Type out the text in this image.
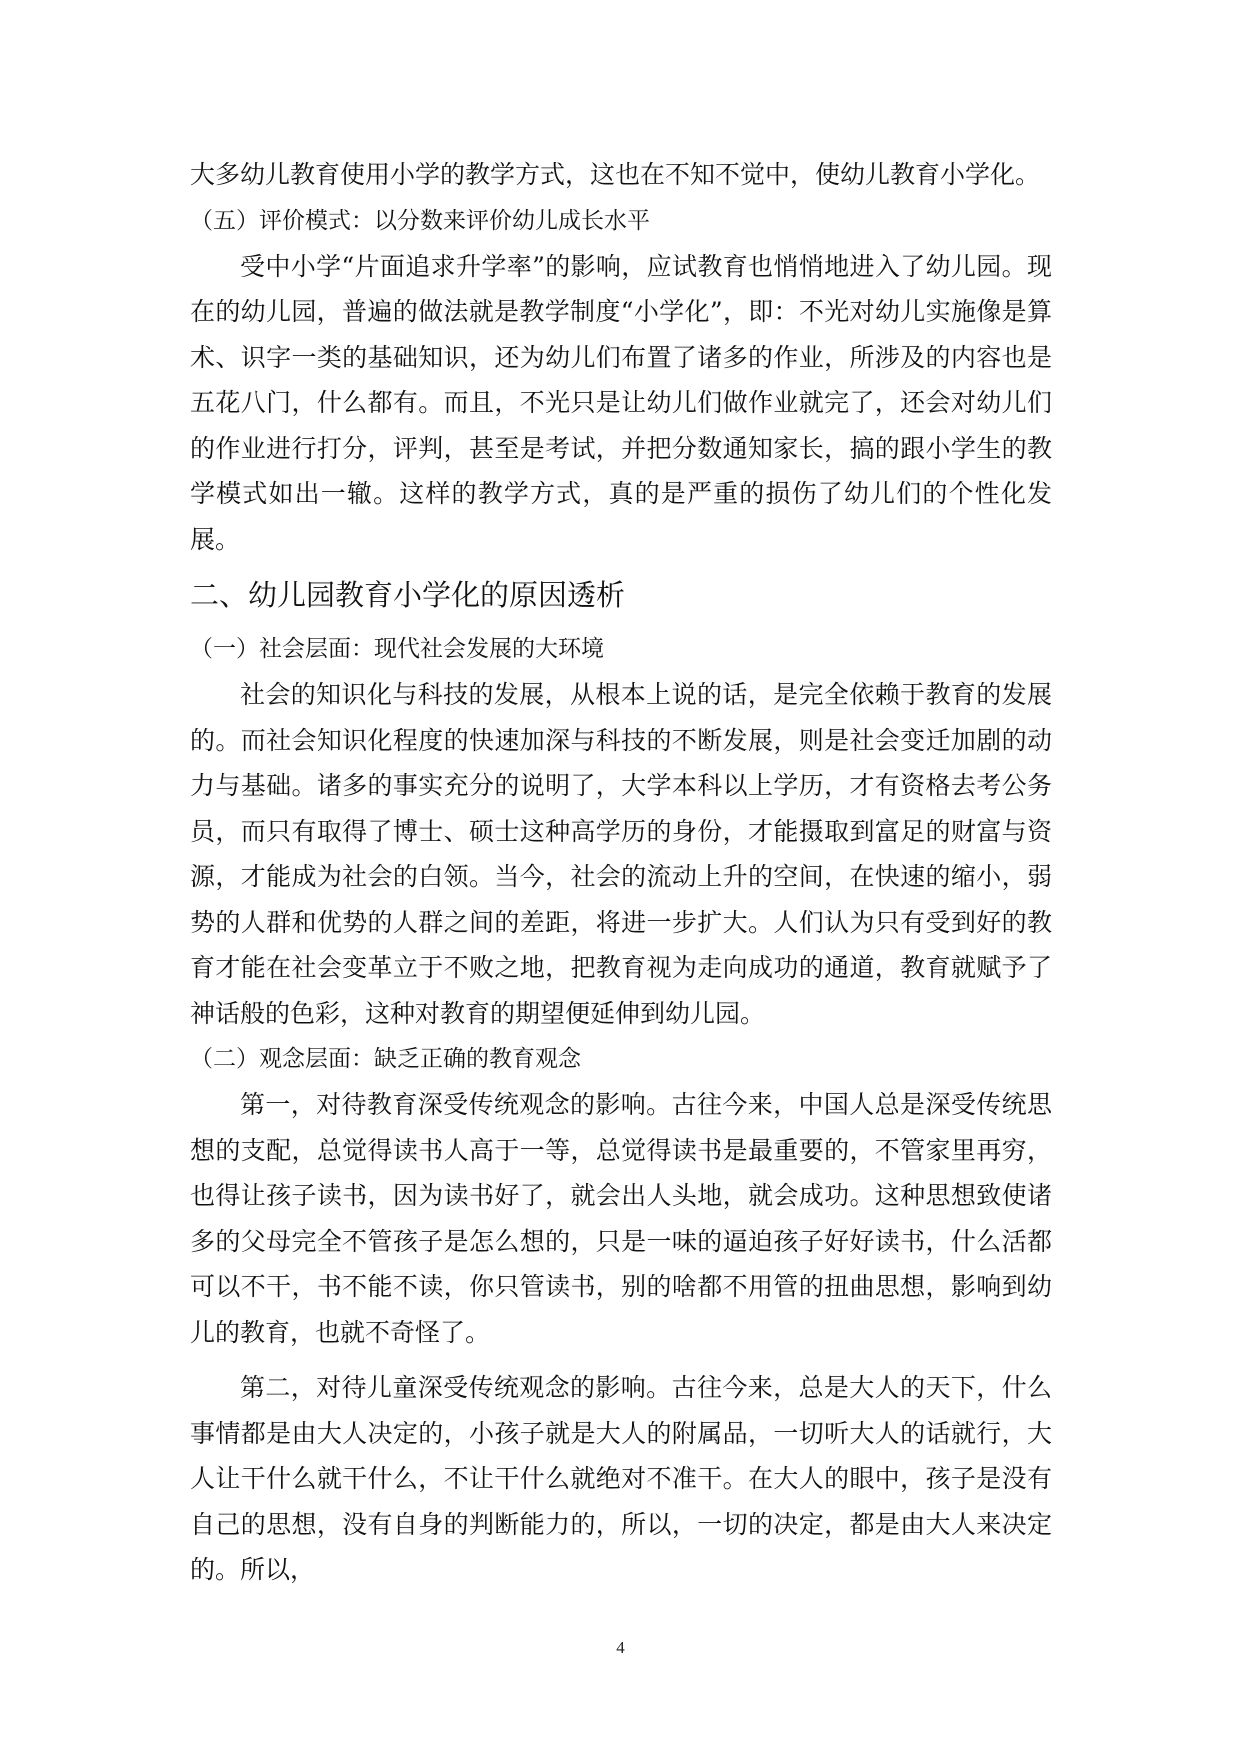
大多幼儿教育使用小学的教学方式，这也在不知不觉中，使幼儿教育小学化。

（五）评价模式：以分数来评价幼儿成长水平

受中小学“片面追求升学率”的影响，应试教育也悄悄地进入了幼儿园。现在的幼儿园，普遍的做法就是教学制度“小学化”，即：不光对幼儿实施像是算术、识字一类的基础知识，还为幼儿们布置了诸多的作业，所涉及的内容也是五花八门，什么都有。而且，不光只是让幼儿们做作业就完了，还会对幼儿们的作业进行打分，评判，甚至是考试，并把分数通知家长，搞的跟小学生的教学模式如出一辙。这样的教学方式，真的是严重的损伤了幼儿们的个性化发展。

二、幼儿园教育小学化的原因透析

（一）社会层面：现代社会发展的大环境

社会的知识化与科技的发展，从根本上说的话，是完全依赖于教育的发展的。而社会知识化程度的快速加深与科技的不断发展，则是社会变迁加剧的动力与基础。诸多的事实充分的说明了，大学本科以上学历，才有资格去考公务员，而只有取得了博士、硕士这种高学历的身份，才能摄取到富足的财富与资源，才能成为社会的白领。当今，社会的流动上升的空间，在快速的缩小，弱势的人群和优势的人群之间的差距，将进一步扩大。人们认为只有受到好的教育才能在社会变革立于不败之地，把教育视为走向成功的通道，教育就赋予了神话般的色彩，这种对教育的期望便延伸到幼儿园。

（二）观念层面：缺乏正确的教育观念

第一，对待教育深受传统观念的影响。古往今来，中国人总是深受传统思想的支配，总觉得读书人高于一等，总觉得读书是最重要的，不管家里再穷，也得让孩子读书，因为读书好了，就会出人头地，就会成功。这种思想致使诸多的父母完全不管孩子是怎么想的，只是一味的逼迫孩子好好读书，什么活都可以不干，书不能不读，你只管读书，别的啥都不用管的扭曲思想，影响到幼儿的教育，也就不奇怪了。

第二，对待儿童深受传统观念的影响。古往今来，总是大人的天下，什么事情都是由大人决定的，小孩子就是大人的附属品，一切听大人的话就行，大人让干什么就干什么，不让干什么就绝对不准干。在大人的眼中，孩子是没有自己的思想，没有自身的判断能力的，所以，一切的决定，都是由大人来决定的。所以，

4
